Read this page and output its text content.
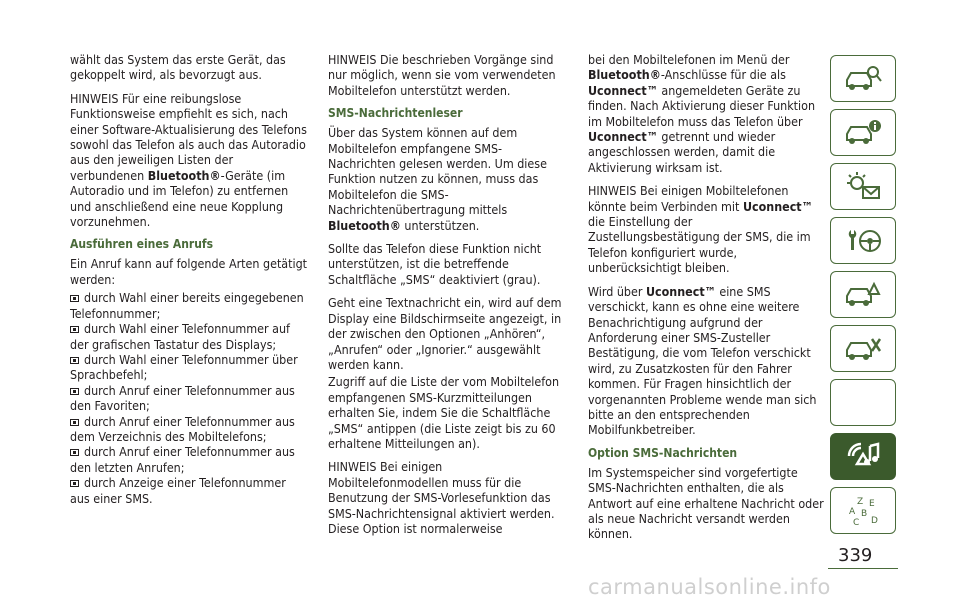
wählt das System das erste Gerät, das gekoppelt wird, als bevorzugt aus.

HINWEIS Für eine reibungslose Funktionsweise empfiehlt es sich, nach einer Software-Aktualisierung des Telefons sowohl das Telefon als auch das Autoradio aus den jeweiligen Listen der verbundenen Bluetooth®-Geräte (im Autoradio und im Telefon) zu entfernen und anschließend eine neue Kopplung vorzunehmen.

Ausführen eines Anrufs

Ein Anruf kann auf folgende Arten getätigt werden:

durch Wahl einer bereits eingegebenen Telefonnummer;
durch Wahl einer Telefonnummer auf der grafischen Tastatur des Displays;
durch Wahl einer Telefonnummer über Sprachbefehl;
durch Anruf einer Telefonnummer aus den Favoriten;
durch Anruf einer Telefonnummer aus dem Verzeichnis des Mobiltelefons;
durch Anruf einer Telefonnummer aus den letzten Anrufen;
durch Anzeige einer Telefonnummer aus einer SMS.

HINWEIS Die beschrieben Vorgänge sind nur möglich, wenn sie vom verwendeten Mobiltelefon unterstützt werden.

SMS-Nachrichtenleser

Über das System können auf dem Mobiltelefon empfangene SMS-Nachrichten gelesen werden. Um diese Funktion nutzen zu können, muss das Mobiltelefon die SMS-Nachrichtenübertragung mittels Bluetooth® unterstützen.

Sollte das Telefon diese Funktion nicht unterstützen, ist die betreffende Schaltfläche „SMS“ deaktiviert (grau).

Geht eine Textnachricht ein, wird auf dem Display eine Bildschirmseite angezeigt, in der zwischen den Optionen „Anhören“, „Anrufen“ oder „Ignorier.“ ausgewählt werden kann.

Zugriff auf die Liste der vom Mobiltelefon empfangenen SMS-Kurzmitteilungen erhalten Sie, indem Sie die Schaltfläche „SMS“ antippen (die Liste zeigt bis zu 60 erhaltene Mitteilungen an).

HINWEIS Bei einigen Mobiltelefonmodellen muss für die Benutzung der SMS-Vorlesefunktion das SMS-Nachrichtensignal aktiviert werden. Diese Option ist normalerweise

bei den Mobiltelefonen im Menü der Bluetooth®-Anschlüsse für die als Uconnect™ angemeldeten Geräte zu finden. Nach Aktivierung dieser Funktion im Mobiltelefon muss das Telefon über Uconnect™ getrennt und wieder angeschlossen werden, damit die Aktivierung wirksam ist.

HINWEIS Bei einigen Mobiltelefonen könnte beim Verbinden mit Uconnect™ die Einstellung der Zustellungsbestätigung der SMS, die im Telefon konfiguriert wurde, unberücksichtigt bleiben.

Wird über Uconnect™ eine SMS verschickt, kann es ohne eine weitere Benachrichtigung aufgrund der Anforderung einer SMS-Zusteller Bestätigung, die vom Telefon verschickt wird, zu Zusatzkosten für den Fahrer kommen. Für Fragen hinsichtlich der vorgenannten Probleme wende man sich bitte an den entsprechenden Mobilfunkbetreiber.

Option SMS-Nachrichten

Im Systemspeicher sind vorgefertigte SMS-Nachrichten enthalten, die als Antwort auf eine erhaltene Nachricht oder als neue Nachricht versandt werden können.

Z
A
E
B
C D
339
carmanualsonline.info
